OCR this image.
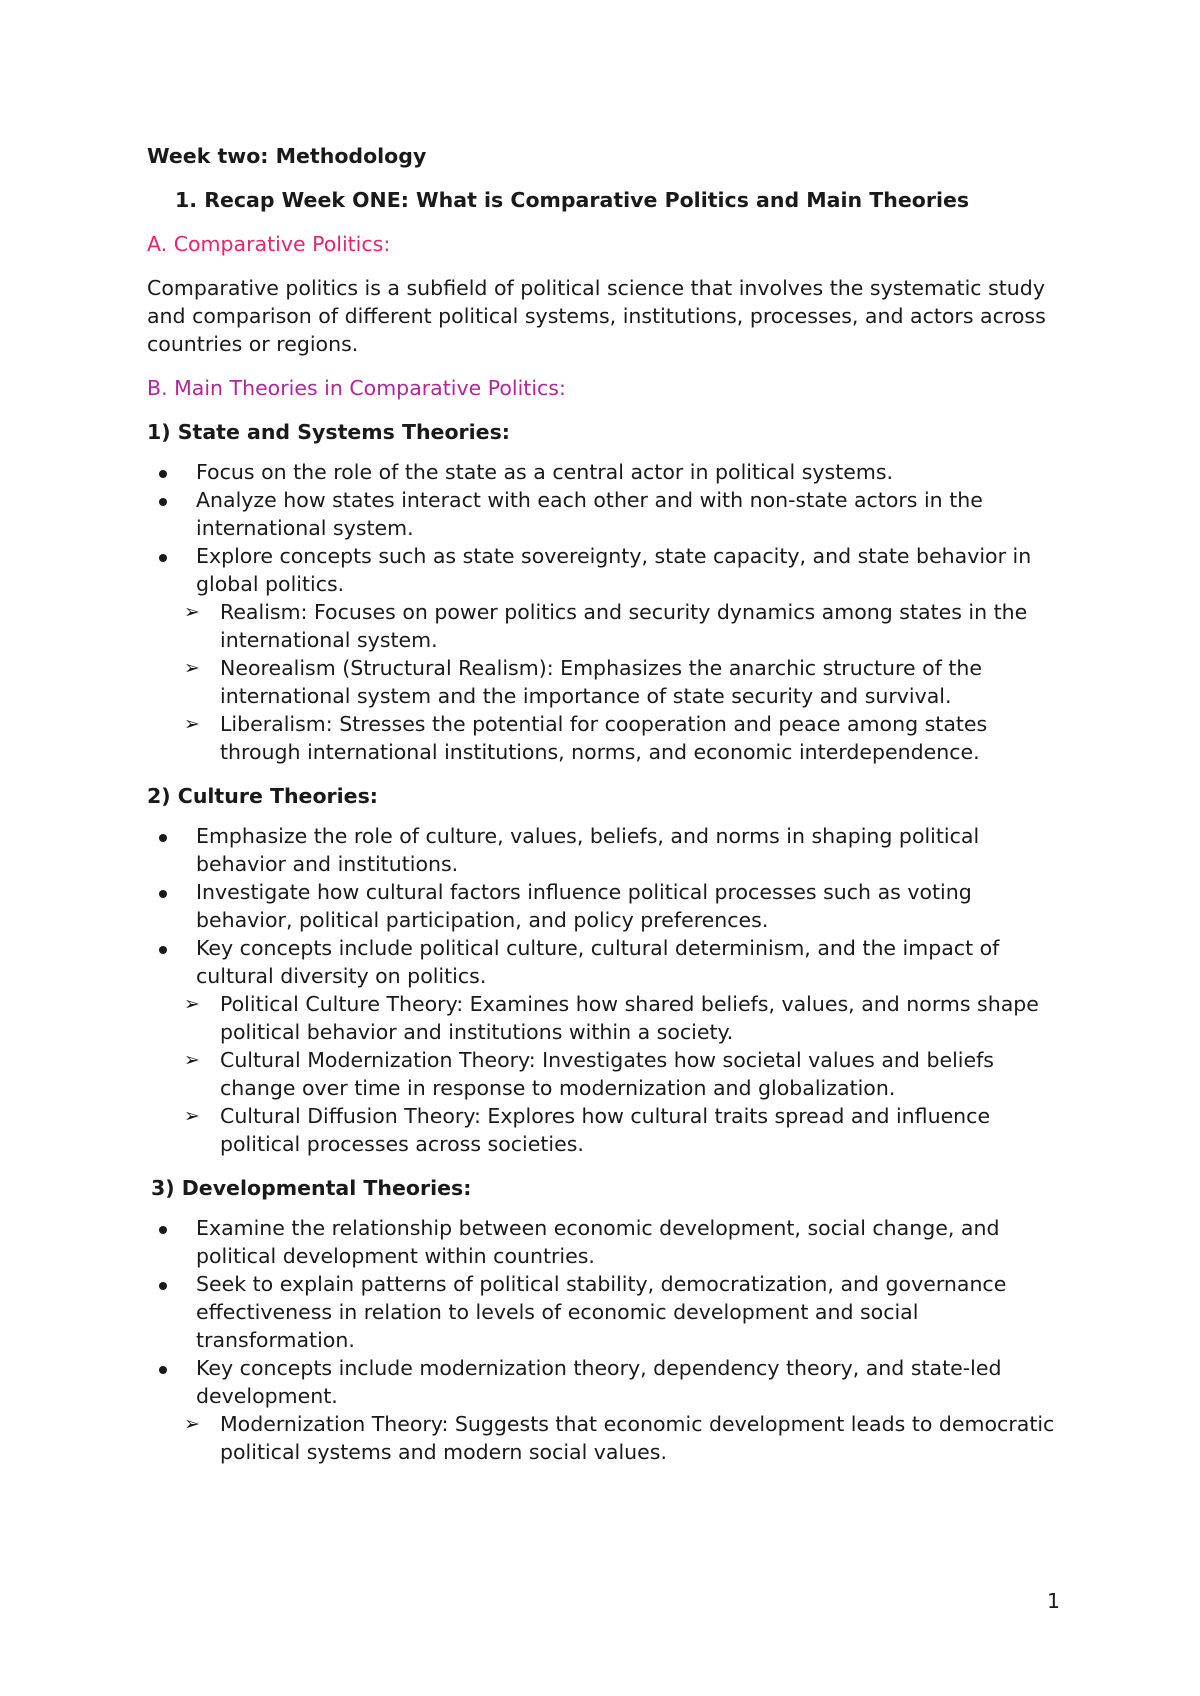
Week two: Methodology
1. Recap Week ONE: What is Comparative Politics and Main Theories
A. Comparative Politics:
Comparative politics is a subfield of political science that involves the systematic study and comparison of different political systems, institutions, processes, and actors across countries or regions.
B. Main Theories in Comparative Politics:
1) State and Systems Theories:
Focus on the role of the state as a central actor in political systems.
Analyze how states interact with each other and with non-state actors in the international system.
Explore concepts such as state sovereignty, state capacity, and state behavior in global politics.
➢ Realism: Focuses on power politics and security dynamics among states in the international system.
➢ Neorealism (Structural Realism): Emphasizes the anarchic structure of the international system and the importance of state security and survival.
➢ Liberalism: Stresses the potential for cooperation and peace among states through international institutions, norms, and economic interdependence.
2) Culture Theories:
Emphasize the role of culture, values, beliefs, and norms in shaping political behavior and institutions.
Investigate how cultural factors influence political processes such as voting behavior, political participation, and policy preferences.
Key concepts include political culture, cultural determinism, and the impact of cultural diversity on politics.
➢ Political Culture Theory: Examines how shared beliefs, values, and norms shape political behavior and institutions within a society.
➢ Cultural Modernization Theory: Investigates how societal values and beliefs change over time in response to modernization and globalization.
➢ Cultural Diffusion Theory: Explores how cultural traits spread and influence political processes across societies.
3) Developmental Theories:
Examine the relationship between economic development, social change, and political development within countries.
Seek to explain patterns of political stability, democratization, and governance effectiveness in relation to levels of economic development and social transformation.
Key concepts include modernization theory, dependency theory, and state-led development.
➢ Modernization Theory: Suggests that economic development leads to democratic political systems and modern social values.
1
